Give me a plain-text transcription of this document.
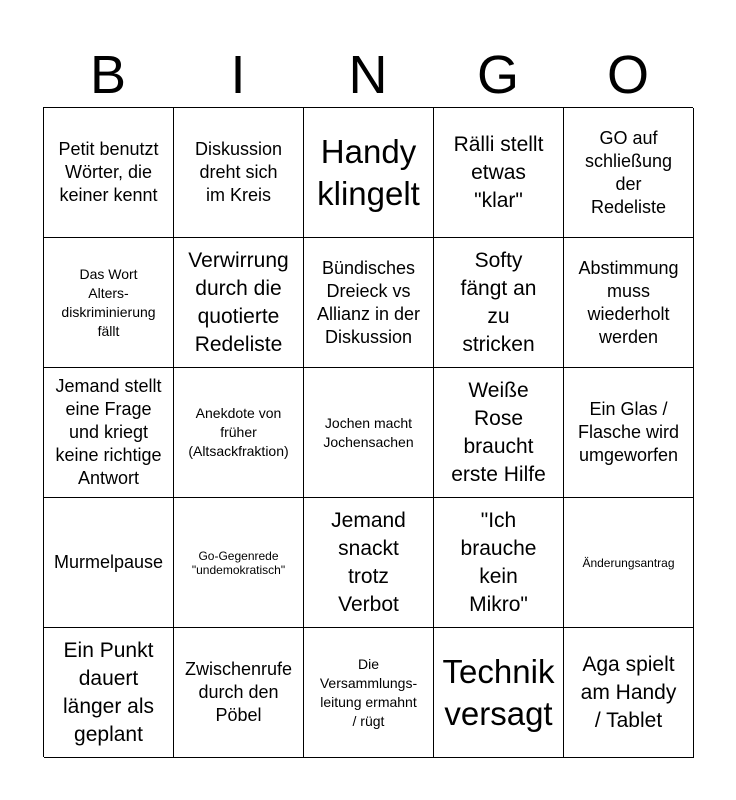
B	I	N	G	O
Petit benutzt
Wörter, die
keiner kennt
Diskussion
dreht sich
im Kreis
Handy
klingelt
Rälli stellt
etwas
"klar"
GO auf
schließung
der
Redeliste
Das Wort
Alters-
diskriminierung
fällt
Verwirrung
durch die
quotierte
Redeliste
Bündisches
Dreieck vs
Allianz in der
Diskussion
Softy
fängt an
zu
stricken
Abstimmung
muss
wiederholt
werden
Jemand stellt
eine Frage
und kriegt
keine richtige
Antwort
Anekdote von
früher
(Altsackfraktion)
Jochen macht
Jochensachen
Weiße
Rose
braucht
erste Hilfe
Ein Glas /
Flasche wird
umgeworfen
Murmelpause	Go-Gegenrede
"undemokratisch"
Jemand
snackt
trotz
Verbot
"Ich
brauche
kein
Mikro"
Änderungsantrag
Ein Punkt
dauert
länger als
geplant
Zwischenrufe
durch den
Pöbel
Die
Versammlungs-
leitung ermahnt
/ rügt
Technik
versagt
Aga spielt
am Handy
/ Tablet
